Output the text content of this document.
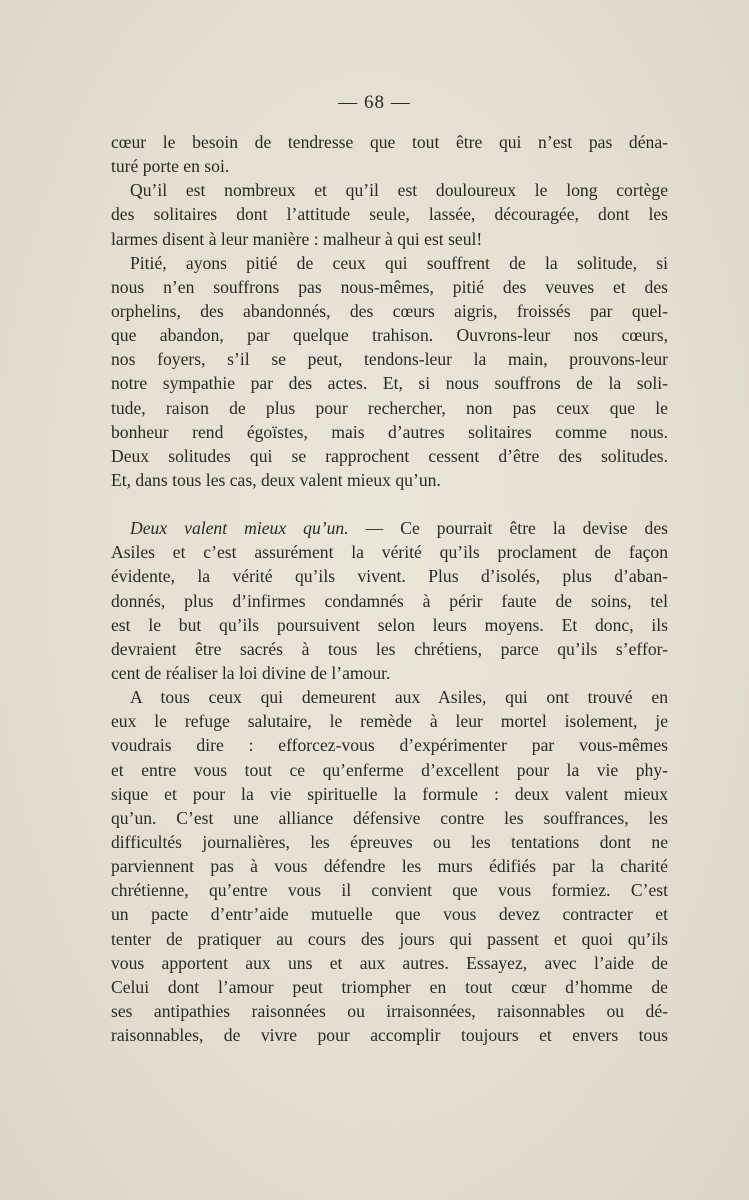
— 68 —
cœur le besoin de tendresse que tout être qui n’est pas déna-
turé porte en soi.
Qu’il est nombreux et qu’il est douloureux le long cortège
des solitaires dont l’attitude seule, lassée, découragée, dont les
larmes disent à leur manière : malheur à qui est seul!
Pitié, ayons pitié de ceux qui souffrent de la solitude, si
nous n’en souffrons pas nous-mêmes, pitié des veuves et des
orphelins, des abandonnés, des cœurs aigris, froissés par quel-
que abandon, par quelque trahison. Ouvrons-leur nos cœurs,
nos foyers, s’il se peut, tendons-leur la main, prouvons-leur
notre sympathie par des actes. Et, si nous souffrons de la soli-
tude, raison de plus pour rechercher, non pas ceux que le
bonheur rend égoïstes, mais d’autres solitaires comme nous.
Deux solitudes qui se rapprochent cessent d’être des solitudes.
Et, dans tous les cas, deux valent mieux qu’un.
Deux valent mieux qu’un. — Ce pourrait être la devise des
Asiles et c’est assurément la vérité qu’ils proclament de façon
évidente, la vérité qu’ils vivent. Plus d’isolés, plus d’aban-
donnés, plus d’infirmes condamnés à périr faute de soins, tel
est le but qu’ils poursuivent selon leurs moyens. Et donc, ils
devraient être sacrés à tous les chrétiens, parce qu’ils s’effor-
cent de réaliser la loi divine de l’amour.
A tous ceux qui demeurent aux Asiles, qui ont trouvé en
eux le refuge salutaire, le remède à leur mortel isolement, je
voudrais dire : efforcez-vous d’expérimenter par vous-mêmes
et entre vous tout ce qu’enferme d’excellent pour la vie phy-
sique et pour la vie spirituelle la formule : deux valent mieux
qu’un. C’est une alliance défensive contre les souffrances, les
difficultés journalières, les épreuves ou les tentations dont ne
parviennent pas à vous défendre les murs édifiés par la charité
chrétienne, qu’entre vous il convient que vous formiez. C’est
un pacte d’entr’aide mutuelle que vous devez contracter et
tenter de pratiquer au cours des jours qui passent et quoi qu’ils
vous apportent aux uns et aux autres. Essayez, avec l’aide de
Celui dont l’amour peut triompher en tout cœur d’homme de
ses antipathies raisonnées ou irraisonnées, raisonnables ou dé-
raisonnables, de vivre pour accomplir toujours et envers tous
